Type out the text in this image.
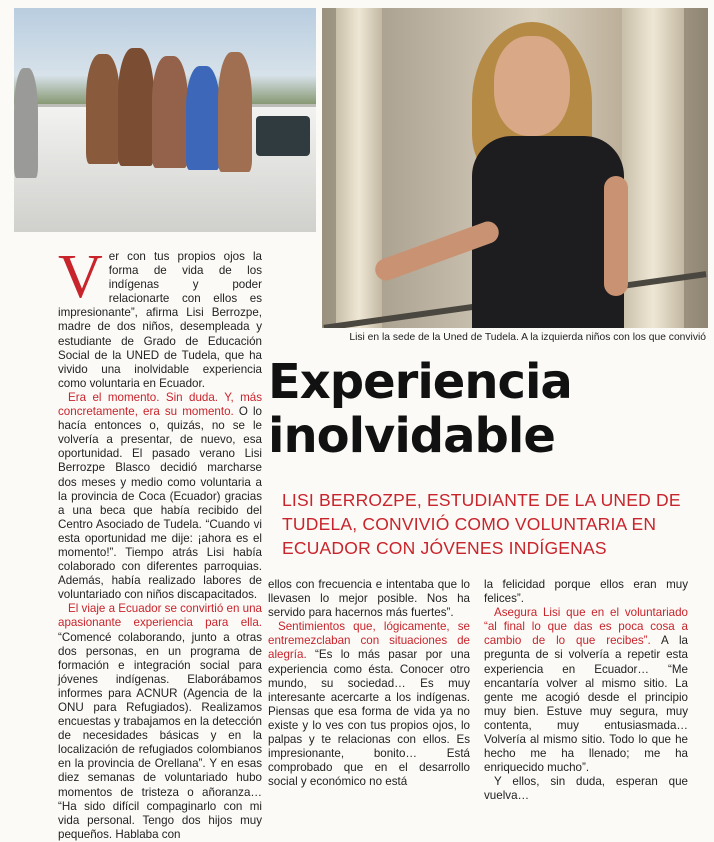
Lisi en la sede de la Uned de Tudela. A la izquierda niños con los que convivió
Experiencia
inolvidable
LISI BERROZPE, ESTUDIANTE DE LA UNED DE TUDELA, CONVIVIÓ COMO VOLUNTARIA EN ECUADOR CON JÓVENES INDÍGENAS

Ver con tus propios ojos la forma de vida de los indígenas y poder relacionarte con ellos es impresionante”, afirma Lisi Berrozpe, madre de dos niños, desempleada y estudiante de Grado de Educación Social de la UNED de Tudela, que ha vivido una inolvidable experiencia como voluntaria en Ecuador.

Era el momento. Sin duda. Y, más concretamente, era su momento. O lo hacía entonces o, quizás, no se le volvería a presentar, de nuevo, esa oportunidad. El pasado verano Lisi Berrozpe Blasco decidió marcharse dos meses y medio como voluntaria a la provincia de Coca (Ecuador) gracias a una beca que había recibido del Centro Asociado de Tudela. “Cuando vi esta oportunidad me dije: ¡ahora es el momento!”. Tiempo atrás Lisi había colaborado con diferentes parroquias. Además, había realizado labores de voluntariado con niños discapacitados.

El viaje a Ecuador se convirtió en una apasionante experiencia para ella. “Comencé colaborando, junto a otras dos personas, en un programa de formación e integración social para jóvenes indígenas. Elaborábamos informes para ACNUR (Agencia de la ONU para Refugiados). Realizamos encuestas y trabajamos en la detección de necesidades básicas y en la localización de refugiados colombianos en la provincia de Orellana”. Y en esas diez semanas de voluntariado hubo momentos de tristeza o añoranza… “Ha sido difícil compaginarlo con mi vida personal. Tengo dos hijos muy pequeños. Hablaba con

ellos con frecuencia e intentaba que lo llevasen lo mejor posible. Nos ha servido para hacernos más fuertes”.

Sentimientos que, lógicamente, se entremezclaban con situaciones de alegría. “Es lo más pasar por una experiencia como ésta. Conocer otro mundo, su sociedad… Es muy interesante acercarte a los indígenas. Piensas que esa forma de vida ya no existe y lo ves con tus propios ojos, lo palpas y te relacionas con ellos. Es impresionante, bonito… Está comprobado que en el desarrollo social y económico no está

la felicidad porque ellos eran muy felices”.

Asegura Lisi que en el voluntariado “al final lo que das es poca cosa a cambio de lo que recibes”. A la pregunta de si volvería a repetir esta experiencia en Ecuador… “Me encantaría volver al mismo sitio. La gente me acogió desde el principio muy bien. Estuve muy segura, muy contenta, muy entusiasmada… Volvería al mismo sitio. Todo lo que he hecho me ha llenado; me ha enriquecido mucho”.

Y ellos, sin duda, esperan que vuelva…
